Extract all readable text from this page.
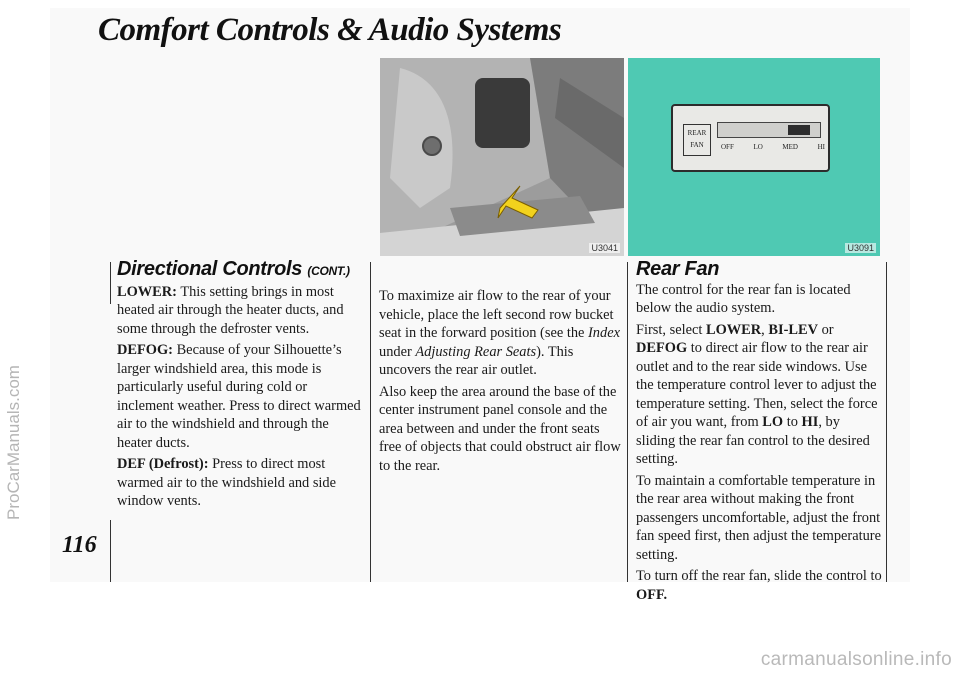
ProCarManuals.com
Comfort Controls & Audio Systems
116
U3041
REAR
FAN	OFF	LO	MED	HI
U3091
Directional Controls (CONT.)

LOWER: This setting brings in most heated air through the heater ducts, and some through the defroster vents.

DEFOG: Because of your Silhouette’s larger windshield area, this mode is particularly useful during cold or inclement weather. Press to direct warmed air to the windshield and through the heater ducts.

DEF (Defrost): Press to direct most warmed air to the windshield and side window vents.

To maximize air flow to the rear of your vehicle, place the left second row bucket seat in the forward position (see the Index under Adjusting Rear Seats). This uncovers the rear air outlet.

Also keep the area around the base of the center instrument panel console and the area between and under the front seats free of objects that could obstruct air flow to the rear.

Rear Fan

The control for the rear fan is located below the audio system.

First, select LOWER, BI-LEV or DEFOG to direct air flow to the rear air outlet and to the rear side windows. Use the temperature control lever to adjust the temperature setting. Then, select the force of air you want, from LO to HI, by sliding the rear fan control to the desired setting.

To maintain a comfortable temperature in the rear area without making the front passengers uncomfortable, adjust the front fan speed first, then adjust the temperature setting.

To turn off the rear fan, slide the control to OFF.

carmanualsonline.info
